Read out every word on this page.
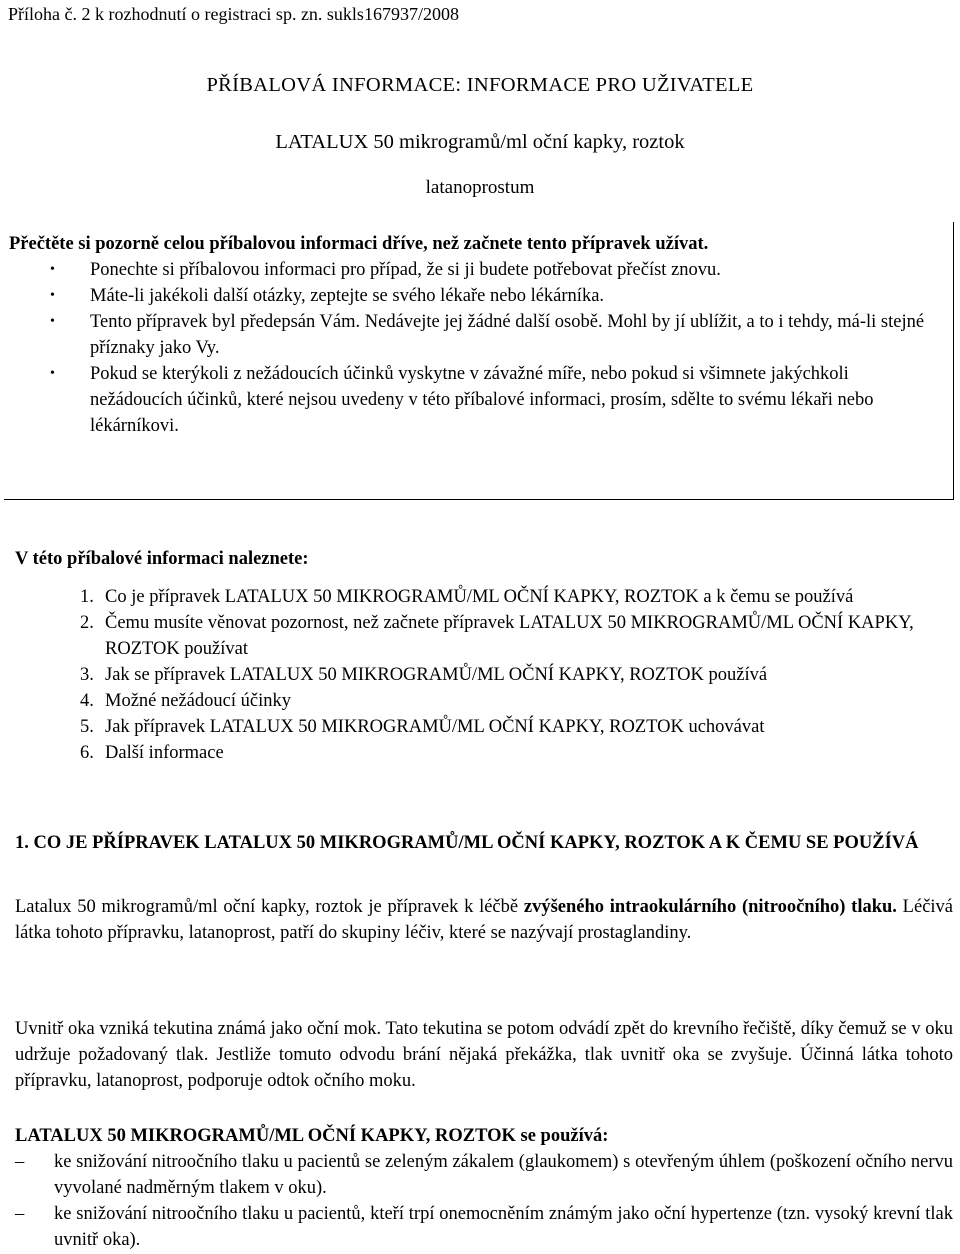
Příloha č. 2 k rozhodnutí o registraci sp. zn. sukls167937/2008
PŘÍBALOVÁ INFORMACE: INFORMACE PRO UŽIVATELE
LATALUX 50 mikrogramů/ml oční kapky, roztok
latanoprostum
Přečtěte si pozorně celou příbalovou informaci dříve, než začnete tento přípravek užívat.
• Ponechte si příbalovou informaci pro případ, že si ji budete potřebovat přečíst znovu.
• Máte-li jakékoli další otázky, zeptejte se svého lékaře nebo lékárníka.
• Tento přípravek byl předepsán Vám. Nedávejte jej žádné další osobě. Mohl by jí ublížit, a to i tehdy, má-li stejné příznaky jako Vy.
• Pokud se kterýkoli z nežádoucích účinků vyskytne v závažné míře, nebo pokud si všimnete jakýchkoli nežádoucích účinků, které nejsou uvedeny v této příbalové informaci, prosím, sdělte to svému lékaři nebo lékárníkovi.
V této příbalové informaci naleznete:
1. Co je přípravek LATALUX 50 MIKROGRAMŮ/ML OČNÍ KAPKY, ROZTOK a k čemu se používá
2. Čemu musíte věnovat pozornost, než začnete přípravek LATALUX 50 MIKROGRAMŮ/ML OČNÍ KAPKY, ROZTOK používat
3. Jak se přípravek LATALUX 50 MIKROGRAMŮ/ML OČNÍ KAPKY, ROZTOK používá
4. Možné nežádoucí účinky
5. Jak přípravek LATALUX 50 MIKROGRAMŮ/ML OČNÍ KAPKY, ROZTOK uchovávat
6. Další informace
1. CO JE PŘÍPRAVEK LATALUX 50 MIKROGRAMŮ/ML OČNÍ KAPKY, ROZTOK A K ČEMU SE POUŽÍVÁ

Latalux 50 mikrogramů/ml oční kapky, roztok je přípravek k léčbě zvýšeného intraokulárního (nitroočního) tlaku. Léčivá látka tohoto přípravku, latanoprost, patří do skupiny léčiv, které se nazývají prostaglandiny.

Uvnitř oka vzniká tekutina známá jako oční mok. Tato tekutina se potom odvádí zpět do krevního řečiště, díky čemuž se v oku udržuje požadovaný tlak. Jestliže tomuto odvodu brání nějaká překážka, tlak uvnitř oka se zvyšuje. Účinná látka tohoto přípravku, latanoprost, podporuje odtok očního moku.

LATALUX 50 MIKROGRAMŮ/ML OČNÍ KAPKY, ROZTOK se používá:
– ke snižování nitroočního tlaku u pacientů se zeleným zákalem (glaukomem) s otevřeným úhlem (poškození očního nervu vyvolané nadměrným tlakem v oku).
– ke snižování nitroočního tlaku u pacientů, kteří trpí onemocněním známým jako oční hypertenze (tzn. vysoký krevní tlak uvnitř oka).
